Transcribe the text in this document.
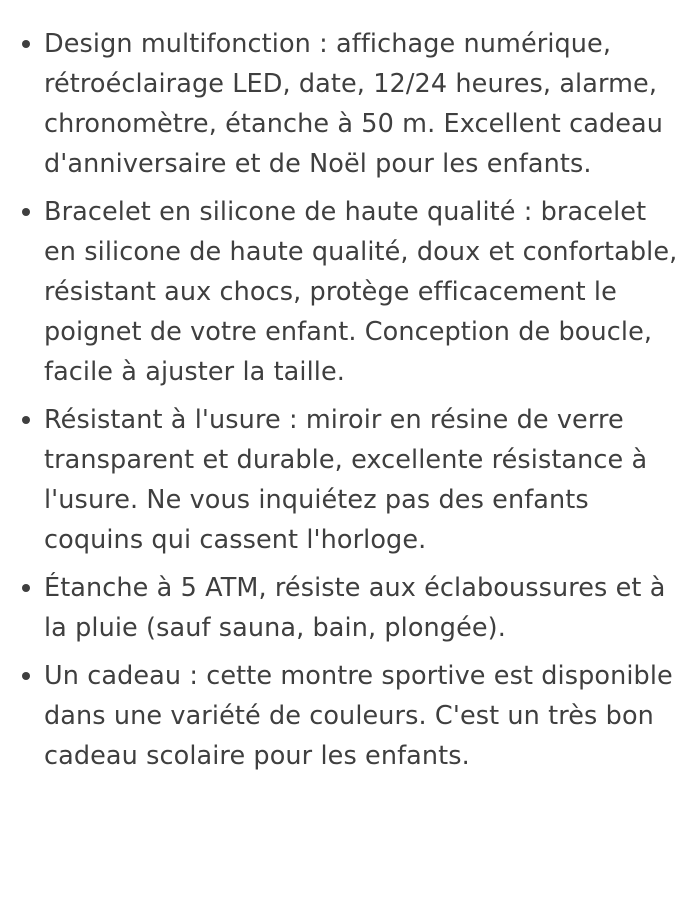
Design multifonction : affichage numérique, rétroéclairage LED, date, 12/24 heures, alarme, chronomètre, étanche à 50 m. Excellent cadeau d'anniversaire et de Noël pour les enfants.
Bracelet en silicone de haute qualité : bracelet en silicone de haute qualité, doux et confortable, résistant aux chocs, protège efficacement le poignet de votre enfant. Conception de boucle, facile à ajuster la taille.
Résistant à l'usure : miroir en résine de verre transparent et durable, excellente résistance à l'usure. Ne vous inquiétez pas des enfants coquins qui cassent l'horloge.
Étanche à 5 ATM, résiste aux éclaboussures et à la pluie (sauf sauna, bain, plongée).
Un cadeau : cette montre sportive est disponible dans une variété de couleurs. C'est un très bon cadeau scolaire pour les enfants.
